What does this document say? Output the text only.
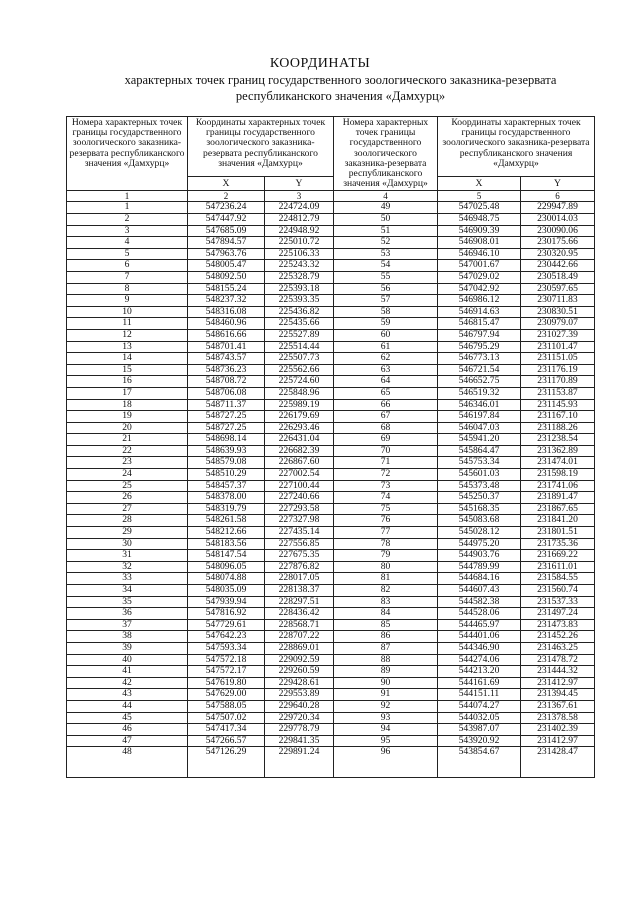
КООРДИНАТЫ
характерных точек границ государственного зоологического заказника-резервата республиканского значения «Дамхурц»
Номера характерных точек границы государственного зоологического заказника-резервата республиканского значения «Дамхурц»	Координаты характерных точек границы государственного зоологического заказника-резервата республиканского значения «Дамхурц»		Номера характерных точек границы государственного зоологического заказника-резервата республиканского значения «Дамхурц»	Координаты характерных точек границы государственного зоологического заказника-резервата республиканского значения «Дамхурц»	
	X	Y		X	Y
1	2	3	4	5	6
1	547236.24	224724.09	49	547025.48	229947.89
2	547447.92	224812.79	50	546948.75	230014.03
3	547685.09	224948.92	51	546909.39	230090.06
4	547894.57	225010.72	52	546908.01	230175.66
5	547963.76	225106.33	53	546946.10	230320.95
6	548005.47	225243.32	54	547001.67	230442.66
7	548092.50	225328.79	55	547029.02	230518.49
8	548155.24	225393.18	56	547042.92	230597.65
9	548237.32	225393.35	57	546986.12	230711.83
10	548316.08	225436.82	58	546914.63	230830.51
11	548460.96	225435.66	59	546815.47	230979.07
12	548616.66	225527.89	60	546797.94	231027.39
13	548701.41	225514.44	61	546795.29	231101.47
14	548743.57	225507.73	62	546773.13	231151.05
15	548736.23	225562.66	63	546721.54	231176.19
16	548708.72	225724.60	64	546652.75	231170.89
17	548706.08	225848.96	65	546519.32	231153.87
18	548711.37	225989.19	66	546346.01	231145.93
19	548727.25	226179.69	67	546197.84	231167.10
20	548727.25	226293.46	68	546047.03	231188.26
21	548698.14	226431.04	69	545941.20	231238.54
22	548639.93	226682.39	70	545864.47	231362.89
23	548579.08	226867.60	71	545753.34	231474.01
24	548510.29	227002.54	72	545601.03	231598.19
25	548457.37	227100.44	73	545373.48	231741.06
26	548378.00	227240.66	74	545250.37	231891.47
27	548319.79	227293.58	75	545168.35	231867.65
28	548261.58	227327.98	76	545083.68	231841.20
29	548212.66	227435.14	77	545028.12	231801.51
30	548183.56	227556.85	78	544975.20	231735.36
31	548147.54	227675.35	79	544903.76	231669.22
32	548096.05	227876.82	80	544789.99	231611.01
33	548074.88	228017.05	81	544684.16	231584.55
34	548035.09	228138.37	82	544607.43	231560.74
35	547939.94	228297.51	83	544582.38	231537.33
36	547816.92	228436.42	84	544528.06	231497.24
37	547729.61	228568.71	85	544465.97	231473.83
38	547642.23	228707.22	86	544401.06	231452.26
39	547593.34	228869.01	87	544346.90	231463.25
40	547572.18	229092.59	88	544274.06	231478.72
41	547572.17	229260.59	89	544213.20	231444.32
42	547619.80	229428.61	90	544161.69	231412.97
43	547629.00	229553.89	91	544151.11	231394.45
44	547588.05	229640.28	92	544074.27	231367.61
45	547507.02	229720.34	93	544032.05	231378.58
46	547417.34	229778.79	94	543987.07	231402.39
47	547266.57	229841.35	95	543920.92	231412.97
48	547126.29	229891.24	96	543854.67	231428.47
